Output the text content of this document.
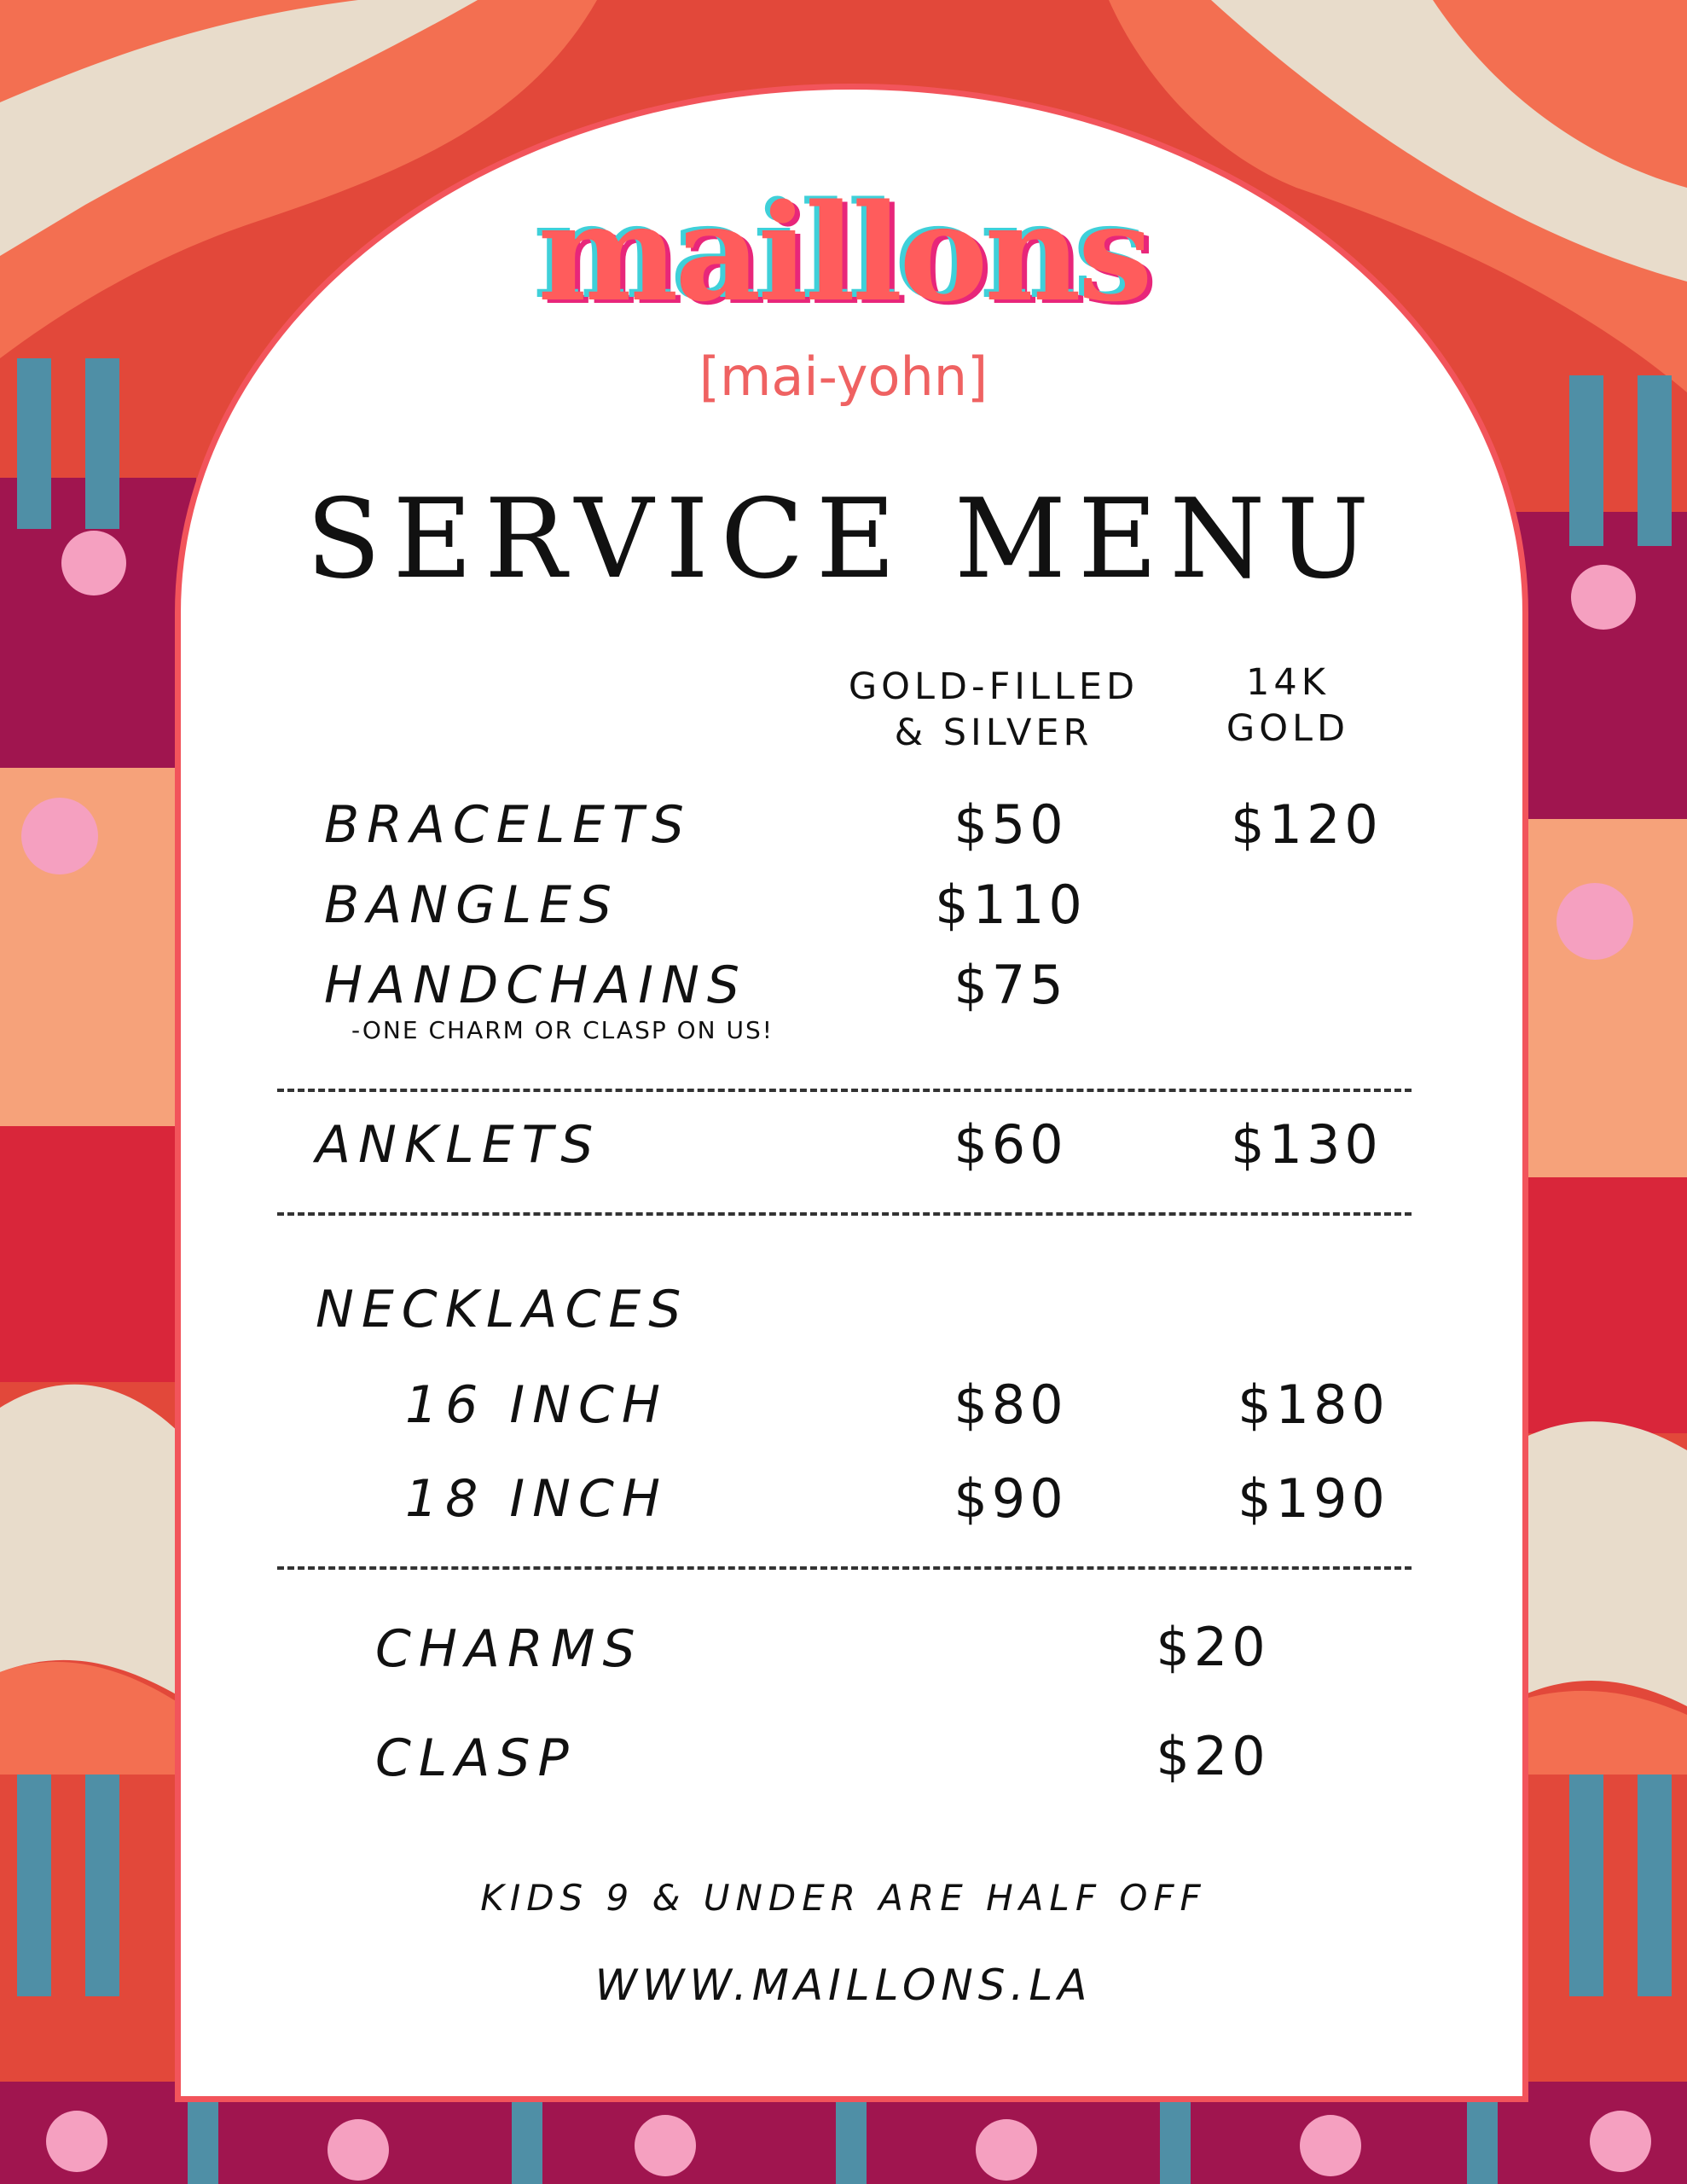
maillons
[mai-yohn]
SERVICE MENU
GOLD-FILLED
& SILVER
14K
GOLD
BRACELETS	$50	$120
BANGLES	$110
HANDCHAINS	$75
-ONE CHARM OR CLASP ON US!
ANKLETS	$60	$130
NECKLACES
16 INCH	$80	$180
18 INCH	$90	$190
CHARMS	$20
CLASP	$20
KIDS 9 & UNDER ARE HALF OFF
WWW.MAILLONS.LA
